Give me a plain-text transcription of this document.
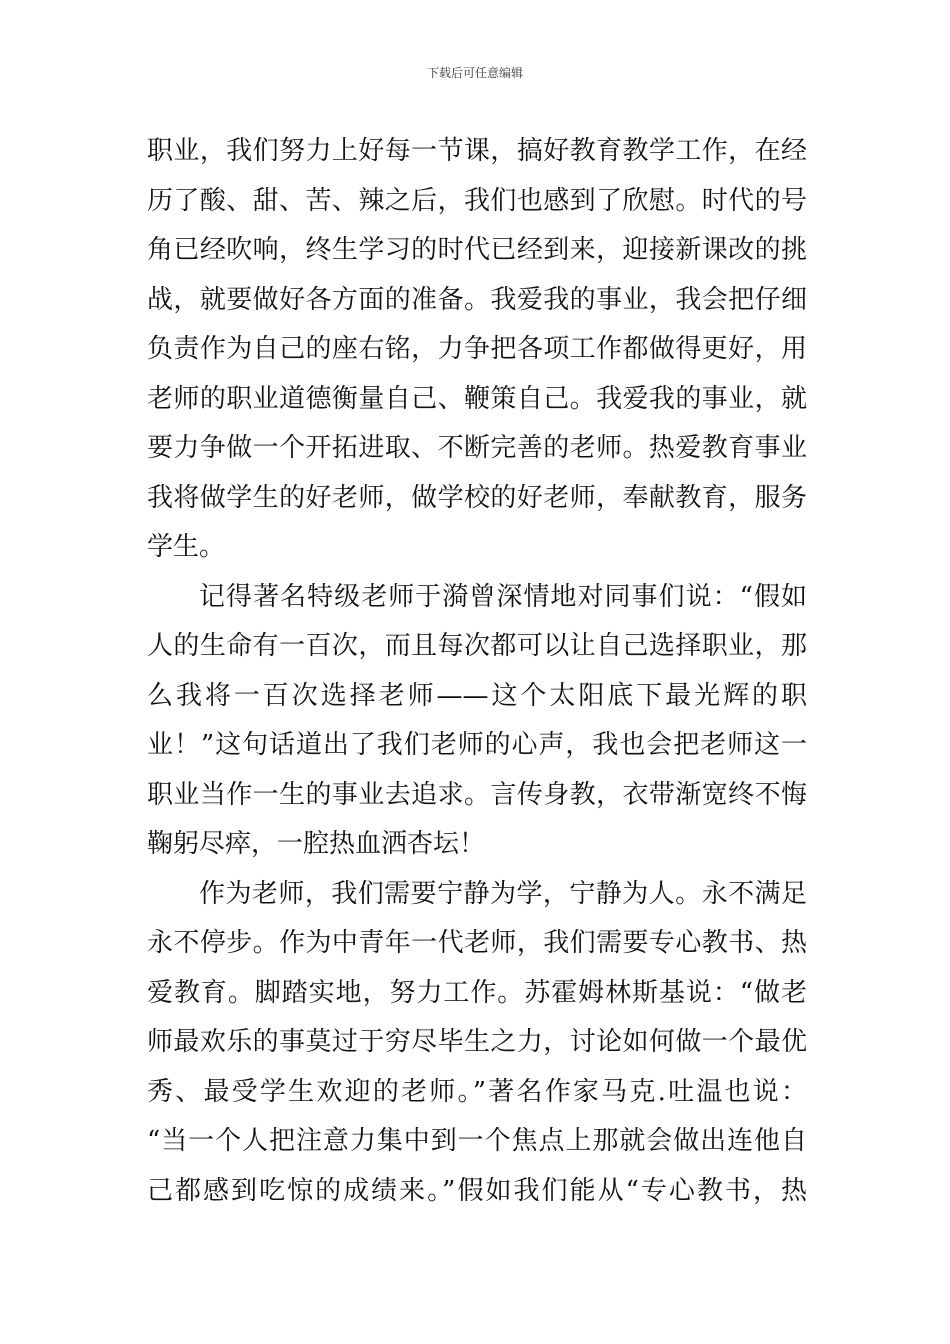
下载后可任意编辑
职业，我们努力上好每一节课，搞好教育教学工作，在经
历了酸、甜、苦、辣之后，我们也感到了欣慰。时代的号
角已经吹响，终生学习的时代已经到来，迎接新课改的挑
战，就要做好各方面的准备。我爱我的事业，我会把仔细
负责作为自己的座右铭，力争把各项工作都做得更好，用
老师的职业道德衡量自己、鞭策自己。我爱我的事业，就
要力争做一个开拓进取、不断完善的老师。热爱教育事业
我将做学生的好老师，做学校的好老师，奉献教育，服务
学生。
记得著名特级老师于漪曾深情地对同事们说：“假如
人的生命有一百次，而且每次都可以让自己选择职业，那
么我将一百次选择老师——这个太阳底下最光辉的职
业！”这句话道出了我们老师的心声，我也会把老师这一
职业当作一生的事业去追求。言传身教，衣带渐宽终不悔
鞠躬尽瘁，一腔热血洒杏坛！
作为老师，我们需要宁静为学，宁静为人。永不满足
永不停步。作为中青年一代老师，我们需要专心教书、热
爱教育。脚踏实地，努力工作。苏霍姆林斯基说：“做老
师最欢乐的事莫过于穷尽毕生之力，讨论如何做一个最优
秀、最受学生欢迎的老师。”著名作家马克.吐温也说：
“当一个人把注意力集中到一个焦点上那就会做出连他自
己都感到吃惊的成绩来。”假如我们能从“专心教书，热
